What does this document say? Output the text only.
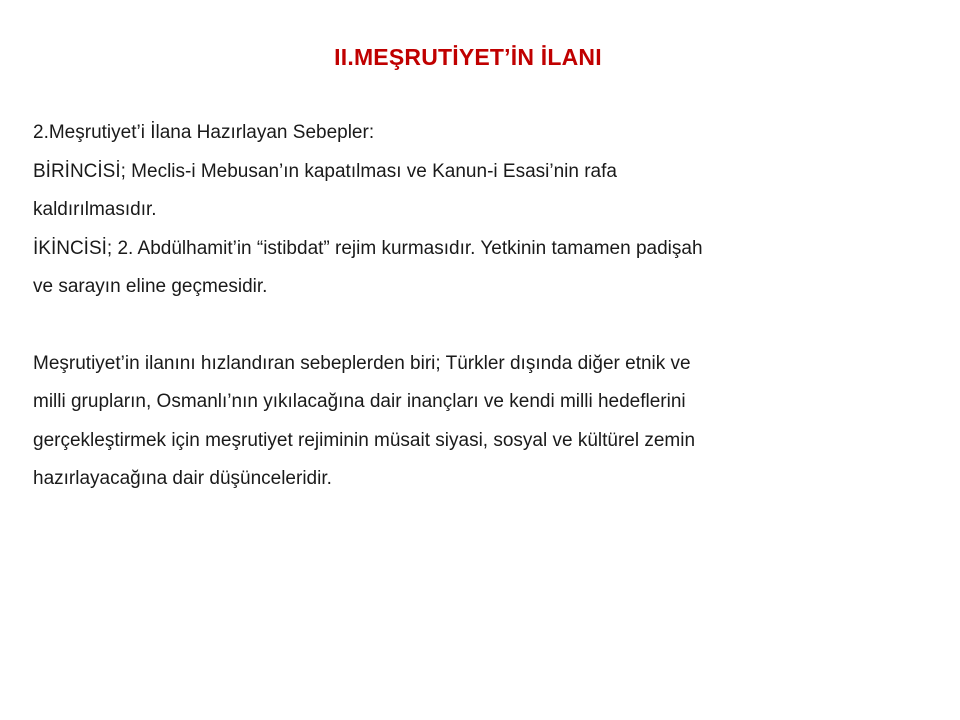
II.MEŞRUTİYET’İN İLANI

2.Meşrutiyet’i İlana Hazırlayan Sebepler:

BİRİNCİSİ; Meclis-i Mebusan’ın kapatılması ve Kanun-i Esasi’nin rafa

kaldırılmasıdır.

İKİNCİSİ; 2. Abdülhamit’in “istibdat” rejim kurmasıdır. Yetkinin tamamen padişah

ve sarayın eline geçmesidir.

Meşrutiyet’in ilanını hızlandıran sebeplerden biri; Türkler dışında diğer etnik ve

milli grupların, Osmanlı’nın yıkılacağına dair inançları ve kendi milli hedeflerini

gerçekleştirmek için meşrutiyet rejiminin müsait siyasi, sosyal ve kültürel zemin

hazırlayacağına dair düşünceleridir.
